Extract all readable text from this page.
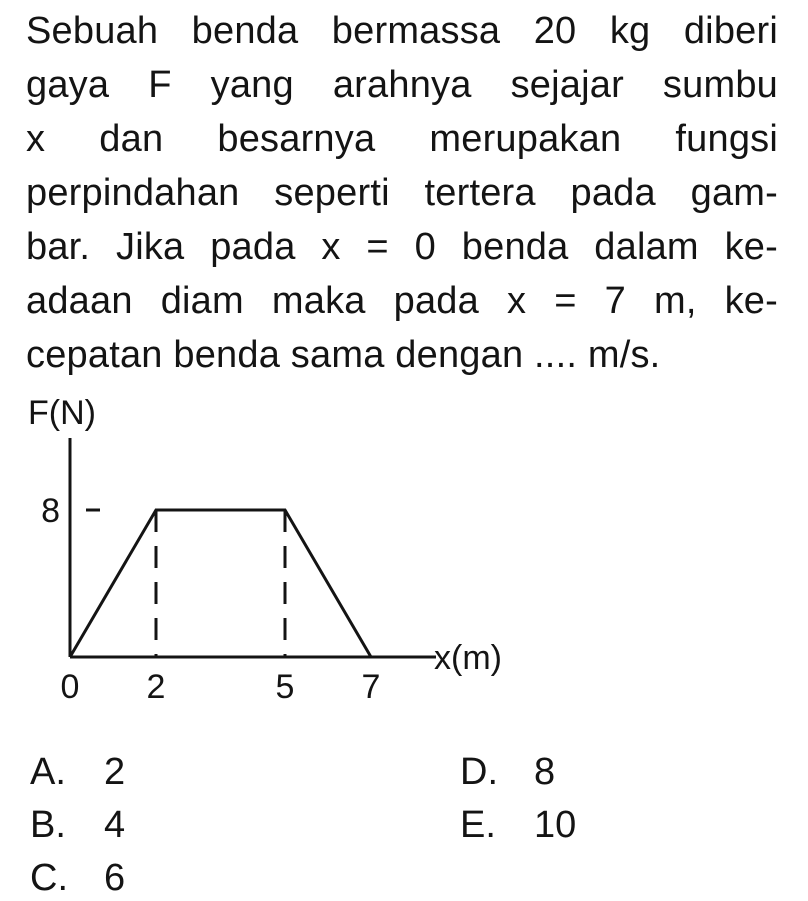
Sebuah benda bermassa 20 kg diberi
gaya F yang arahnya sejajar sumbu
x dan besarnya merupakan fungsi
perpindahan seperti tertera pada gam-
bar. Jika pada x = 0 benda dalam ke-
adaan diam maka pada x = 7 m, ke-
cepatan benda sama dengan .... m/s.
F(N)
x(m)
8
0 2	5 7
A. 2
B. 4
C. 6
D. 8
E. 10
